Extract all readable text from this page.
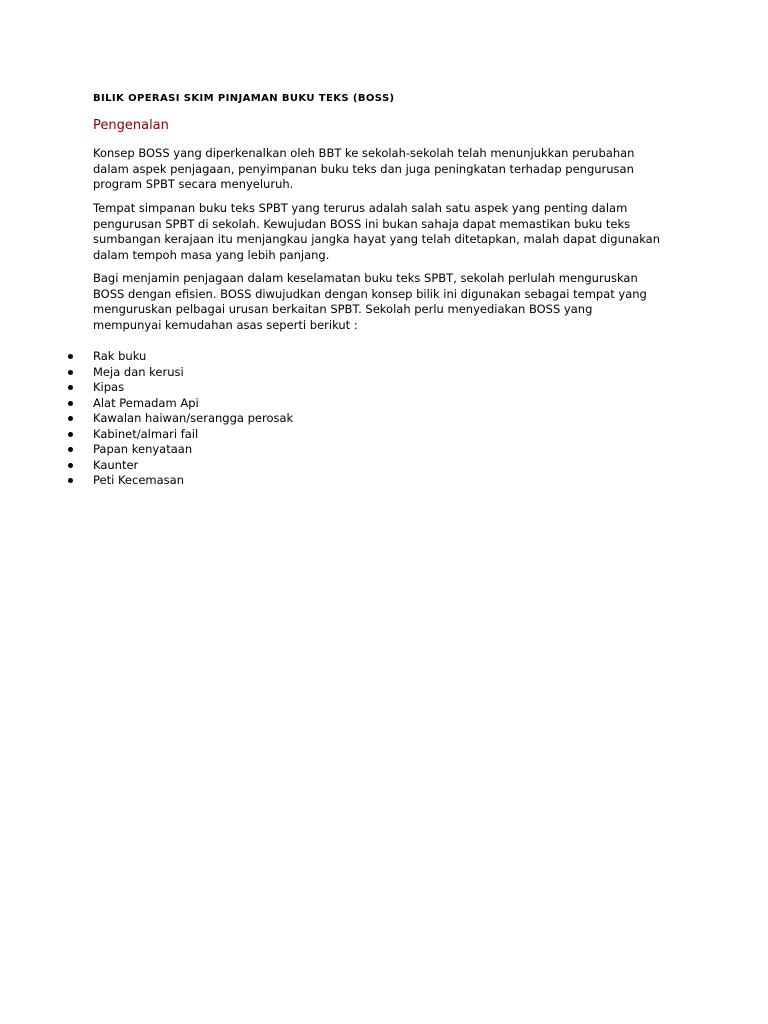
BILIK OPERASI SKIM PINJAMAN BUKU TEKS (BOSS)
Pengenalan
Konsep BOSS yang diperkenalkan oleh BBT ke sekolah-sekolah telah menunjukkan perubahan
dalam aspek penjagaan, penyimpanan buku teks dan juga peningkatan terhadap pengurusan
program SPBT secara menyeluruh.
Tempat simpanan buku teks SPBT yang terurus adalah salah satu aspek yang penting dalam
pengurusan SPBT di sekolah. Kewujudan BOSS ini bukan sahaja dapat memastikan buku teks
sumbangan kerajaan itu menjangkau jangka hayat yang telah ditetapkan, malah dapat digunakan
dalam tempoh masa yang lebih panjang.
Bagi menjamin penjagaan dalam keselamatan buku teks SPBT, sekolah perlulah menguruskan
BOSS dengan efisien. BOSS diwujudkan dengan konsep bilik ini digunakan sebagai tempat yang
menguruskan pelbagai urusan berkaitan SPBT. Sekolah perlu menyediakan BOSS yang
mempunyai kemudahan asas seperti berikut :
Rak buku
Meja dan kerusi
Kipas
Alat Pemadam Api
Kawalan haiwan/serangga perosak
Kabinet/almari fail
Papan kenyataan
Kaunter
Peti Kecemasan
